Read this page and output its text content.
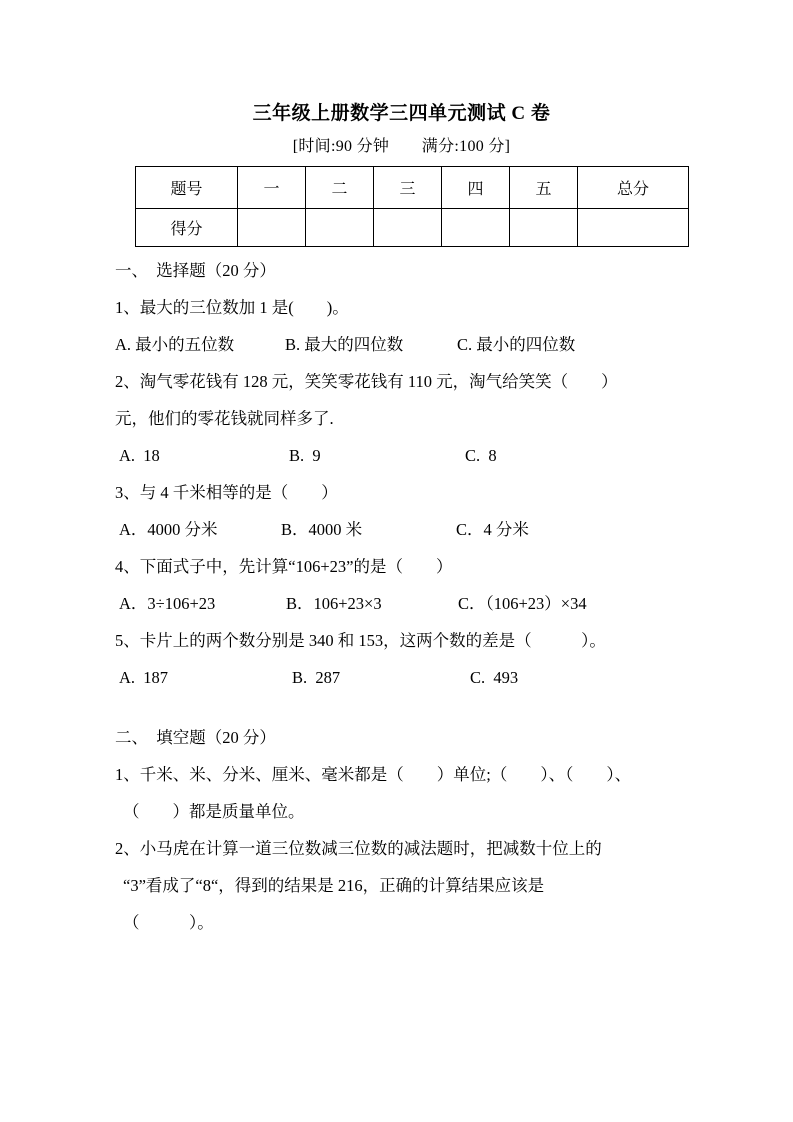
三年级上册数学三四单元测试 C 卷
[时间:90 分钟　　满分:100 分]
题号	一	二	三	四	五	总分
得分						
一、　选择题（20 分）
1、最大的三位数加 1 是(　　)。
A. 最小的五位数	B. 最大的四位数	C. 最小的四位数
2、淘气零花钱有 128 元，笑笑零花钱有 110 元，淘气给笑笑（　　）
元，他们的零花钱就同样多了.
A.  18	B.  9	C.  8
3、与 4 千米相等的是（　　）
A．4000 分米	B．4000 米	C．4 分米
4、下面式子中，先计算“106+23”的是（　　）
A．3÷106+23	B．106+23×3	C．（106+23）×34
5、卡片上的两个数分别是 340 和 153，这两个数的差是（　　　）。
A.  187	B.  287	C.  493
二、　填空题（20 分）
1、千米、米、分米、厘米、毫米都是（　　）单位;（　　）、（　　）、
（　　）都是质量单位。
2、小马虎在计算一道三位数减三位数的减法题时，把减数十位上的
“3”看成了“8“，得到的结果是 216，正确的计算结果应该是
（　　　）。
